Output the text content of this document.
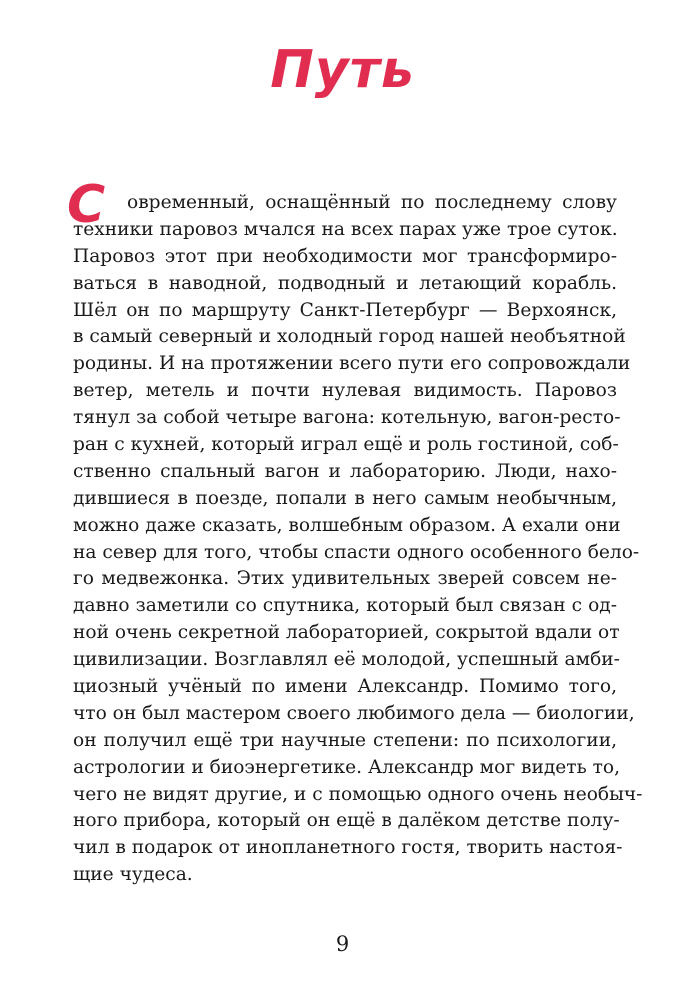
Путь
С	овременный, оснащённый по последнему слову
техники паровоз мчался на всех парах уже трое суток.
Паровоз этот при необходимости мог трансформиро-
ваться в наводной, подводный и летающий корабль.
Шёл он по маршруту Санкт-Петербург — Верхоянск,
в самый северный и холодный город нашей необъятной
родины. И на протяжении всего пути его сопровождали
ветер, метель и почти нулевая видимость. Паровоз
тянул за собой четыре вагона: котельную, вагон-ресто-
ран с кухней, который играл ещё и роль гостиной, соб-
ственно спальный вагон и лабораторию. Люди, нахо-
дившиеся в поезде, попали в него самым необычным,
можно даже сказать, волшебным образом. А ехали они
на север для того, чтобы спасти одного особенного бело-
го медвежонка. Этих удивительных зверей совсем не-
давно заметили со спутника, который был связан с од-
ной очень секретной лабораторией, сокрытой вдали от
цивилизации. Возглавлял её молодой, успешный амби-
циозный учёный по имени Александр. Помимо того,
что он был мастером своего любимого дела — биологии,
он получил ещё три научные степени: по психологии,
астрологии и биоэнергетике. Александр мог видеть то,
чего не видят другие, и с помощью одного очень необыч-
ного прибора, который он ещё в далёком детстве полу-
чил в подарок от инопланетного гостя, творить настоя-
щие чудеса.
9
